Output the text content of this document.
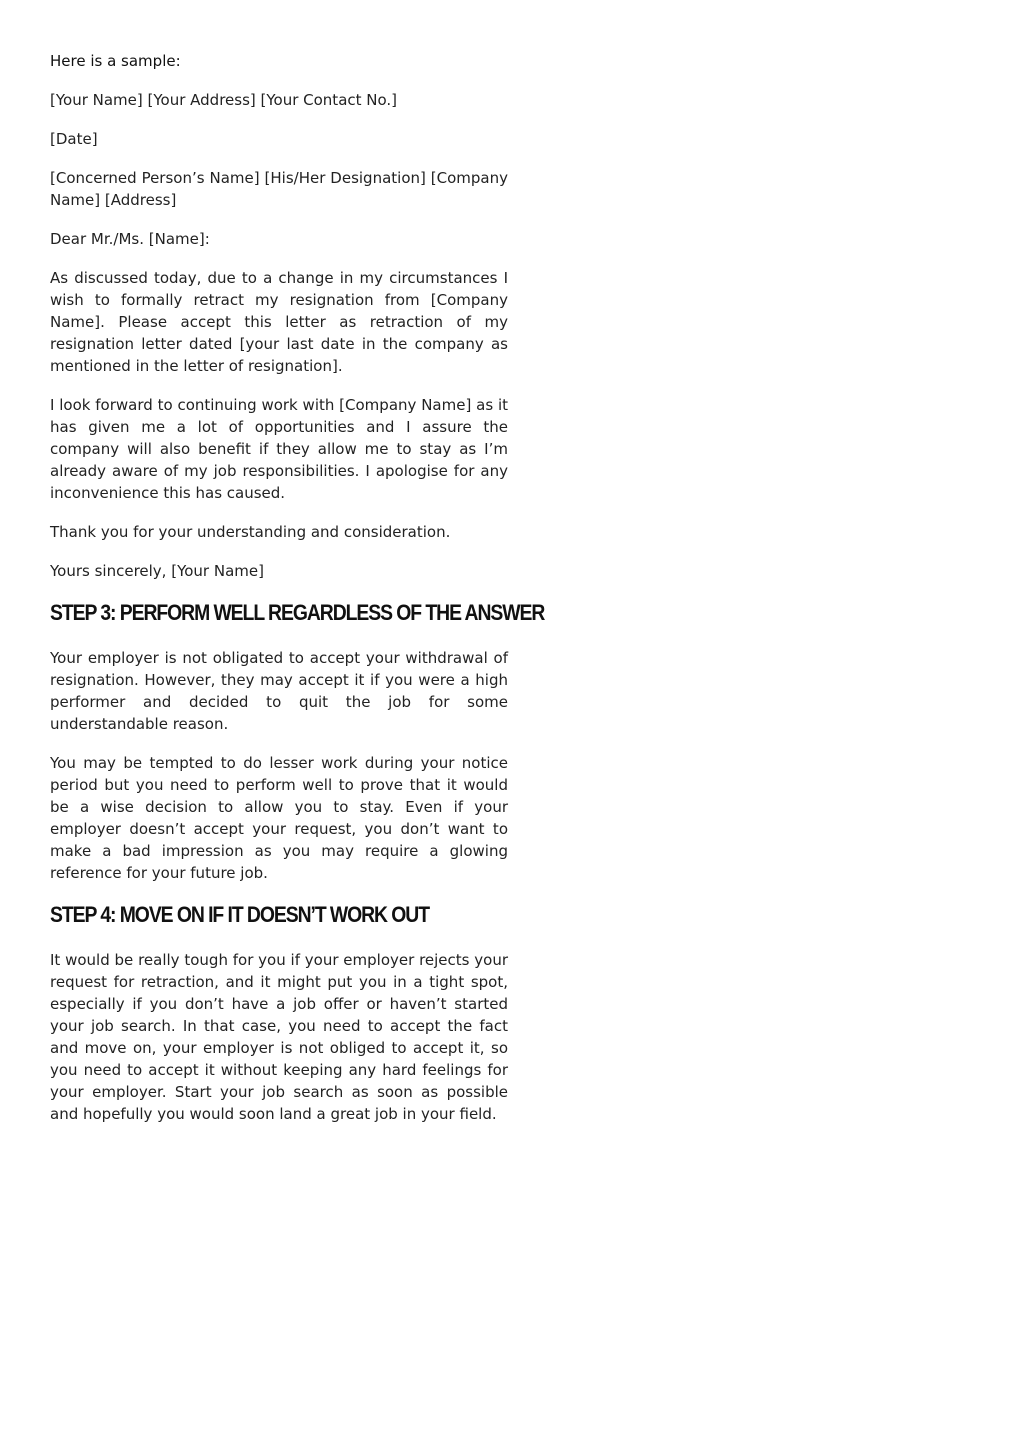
Here is a sample:

[Your Name] [Your Address] [Your Contact No.]

[Date]

[Concerned Person’s Name] [His/Her Designation] [Company Name] [Address]

Dear Mr./Ms. [Name]:

As discussed today, due to a change in my circumstances I wish to formally retract my resignation from [Company Name]. Please accept this letter as retraction of my resignation letter dated [your last date in the company as mentioned in the letter of resignation].

I look forward to continuing work with [Company Name] as it has given me a lot of opportunities and I assure the company will also benefit if they allow me to stay as I’m already aware of my job responsibilities. I apologise for any inconvenience this has caused.

Thank you for your understanding and consideration.

Yours sincerely, [Your Name]

STEP 3: PERFORM WELL REGARDLESS OF THE ANSWER

Your employer is not obligated to accept your withdrawal of resignation. However, they may accept it if you were a high performer and decided to quit the job for some understandable reason.

You may be tempted to do lesser work during your notice period but you need to perform well to prove that it would be a wise decision to allow you to stay. Even if your employer doesn’t accept your request, you don’t want to make a bad impression as you may require a glowing reference for your future job.

STEP 4: MOVE ON IF IT DOESN’T WORK OUT

It would be really tough for you if your employer rejects your request for retraction, and it might put you in a tight spot, especially if you don’t have a job offer or haven’t started your job search. In that case, you need to accept the fact and move on, your employer is not obliged to accept it, so you need to accept it without keeping any hard feelings for your employer. Start your job search as soon as possible and hopefully you would soon land a great job in your field.
